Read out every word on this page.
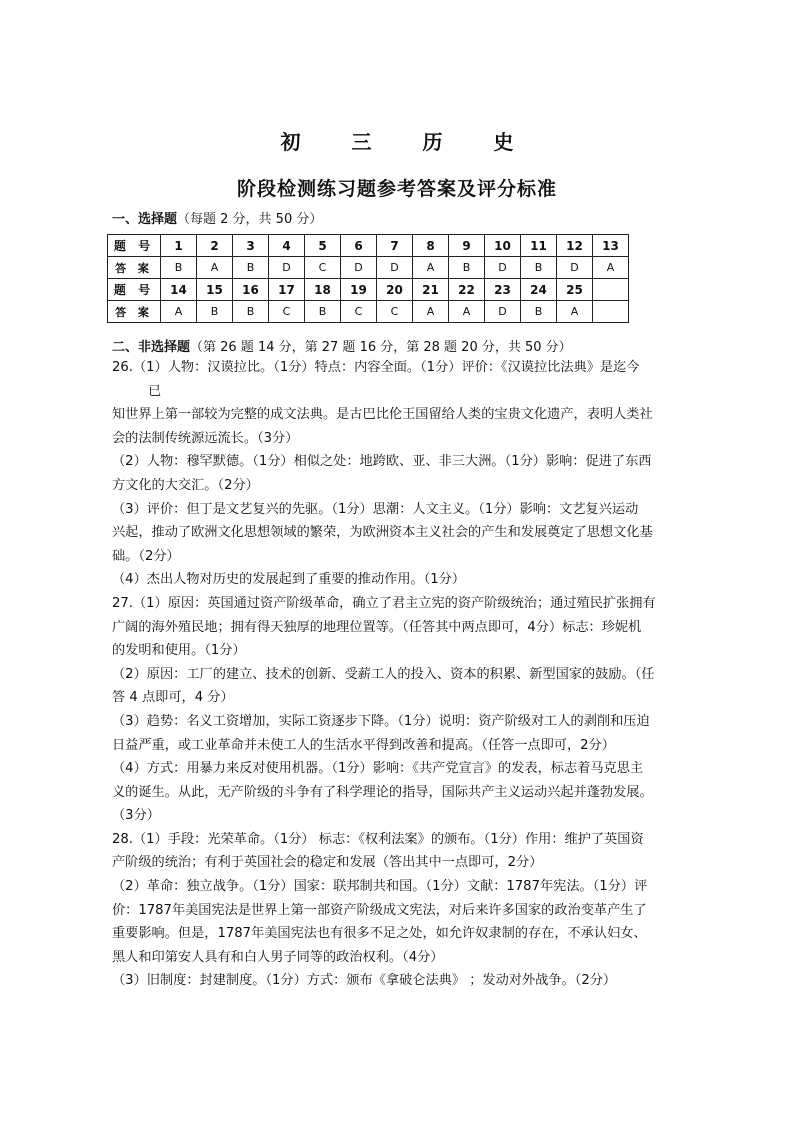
初 三 历 史
阶段检测练习题参考答案及评分标准
一、选择题（每题 2 分，共 50 分）
题 号	1	2	3	4	5	6	7	8	9	10	11	12	13
答 案	B	A	B	D	C	D	D	A	B	D	B	D	A
题 号	14	15	16	17	18	19	20	21	22	23	24	25	
答 案	A	B	B	C	B	C	C	A	A	D	B	A	
二、非选择题（第 26 题 14 分，第 27 题 16 分，第 28 题 20 分，共 50 分）

26.（1）人物：汉谟拉比。（1分）特点：内容全面。（1分）评价：《汉谟拉比法典》是迄今

已

知世界上第一部较为完整的成文法典。是古巴比伦王国留给人类的宝贵文化遗产，表明人类社

会的法制传统源远流长。（3分）

（2）人物：穆罕默德。（1分）相似之处：地跨欧、亚、非三大洲。（1分）影响：促进了东西

方文化的大交汇。（2分）

（3）评价：但丁是文艺复兴的先驱。（1分）思潮：人文主义。（1分）影响：文艺复兴运动

兴起，推动了欧洲文化思想领域的繁荣，为欧洲资本主义社会的产生和发展奠定了思想文化基

础。（2分）

（4）杰出人物对历史的发展起到了重要的推动作用。（1分）

27.（1）原因：英国通过资产阶级革命，确立了君主立宪的资产阶级统治；通过殖民扩张拥有

广阔的海外殖民地；拥有得天独厚的地理位置等。（任答其中两点即可，4分）标志：珍妮机

的发明和使用。（1分）

（2）原因：工厂的建立、技术的创新、受薪工人的投入、资本的积累、新型国家的鼓励。（任

答 4 点即可，4 分）

（3）趋势：名义工资增加，实际工资逐步下降。（1分）说明：资产阶级对工人的剥削和压迫

日益严重，或工业革命并未使工人的生活水平得到改善和提高。（任答一点即可，2分）

（4）方式：用暴力来反对使用机器。（1分）影响：《共产党宣言》的发表，标志着马克思主

义的诞生。从此，无产阶级的斗争有了科学理论的指导，国际共产主义运动兴起并蓬勃发展。

（3分）

28.（1）手段：光荣革命。（1分） 标志：《权利法案》的颁布。（1分）作用：维护了英国资

产阶级的统治；有利于英国社会的稳定和发展（答出其中一点即可，2分）

（2）革命：独立战争。（1分）国家：联邦制共和国。（1分）文献：1787年宪法。（1分）评

价：1787年美国宪法是世界上第一部资产阶级成文宪法，对后来许多国家的政治变革产生了

重要影响。但是，1787年美国宪法也有很多不足之处，如允许奴隶制的存在，不承认妇女、

黑人和印第安人具有和白人男子同等的政治权利。（4分）

（3）旧制度：封建制度。（1分）方式：颁布《拿破仑法典》 ；发动对外战争。（2分）
